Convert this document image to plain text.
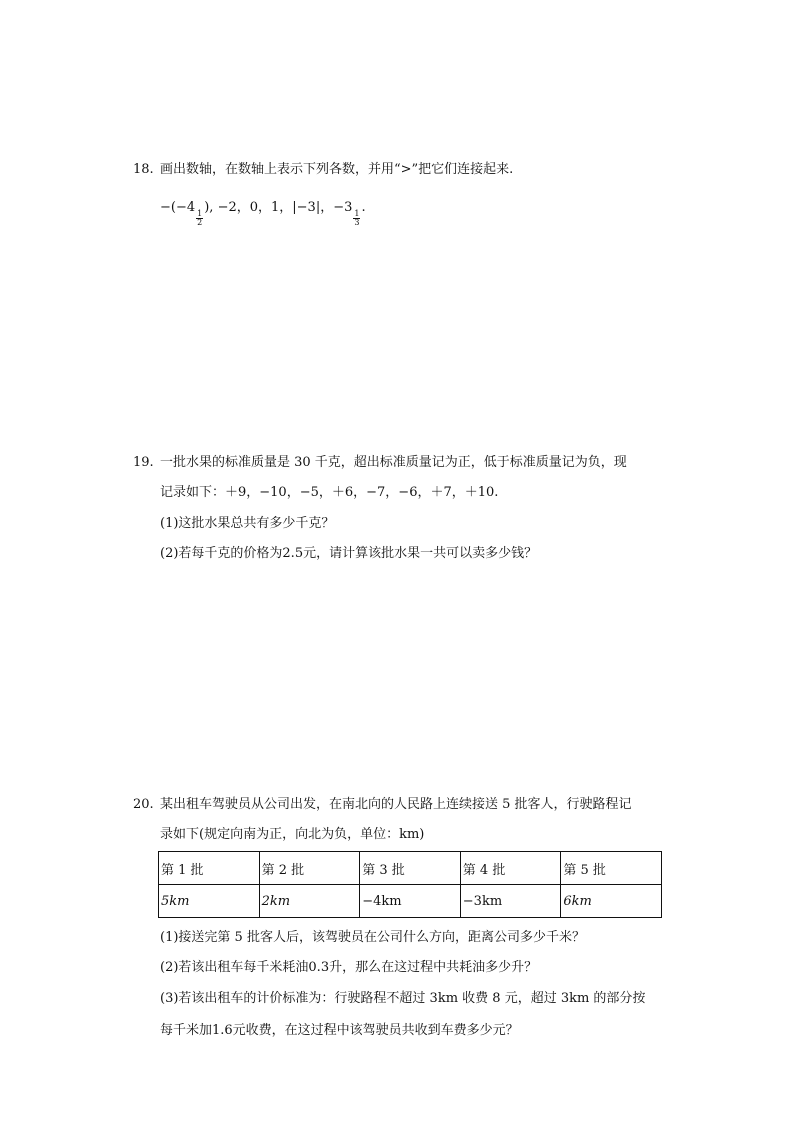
18. 画出数轴，在数轴上表示下列各数，并用“>”把它们连接起来.
−(−4
$\frac{1}{2}$
), −2，0，1，|−3|，−3
$\frac{1}{3}$
.
19. 一批水果的标准质量是 30 千克，超出标准质量记为正，低于标准质量记为负，现
记录如下：＋9，−10，−5，＋6，−7，−6，＋7，＋10.
(1)这批水果总共有多少千克？
(2)若每千克的价格为2.5元，请计算该批水果一共可以卖多少钱？
20. 某出租车驾驶员从公司出发，在南北向的人民路上连续接送 5 批客人，行驶路程记
录如下(规定向南为正，向北为负，单位：km)
第 1 批	第 2 批	第 3 批	第 4 批	第 5 批
5km	2km	−4km	−3km	6km
(1)接送完第 5 批客人后，该驾驶员在公司什么方向，距离公司多少千米？
(2)若该出租车每千米耗油0.3升，那么在这过程中共耗油多少升？
(3)若该出租车的计价标准为：行驶路程不超过 3km 收费 8 元，超过 3km 的部分按
每千米加1.6元收费，在这过程中该驾驶员共收到车费多少元？
